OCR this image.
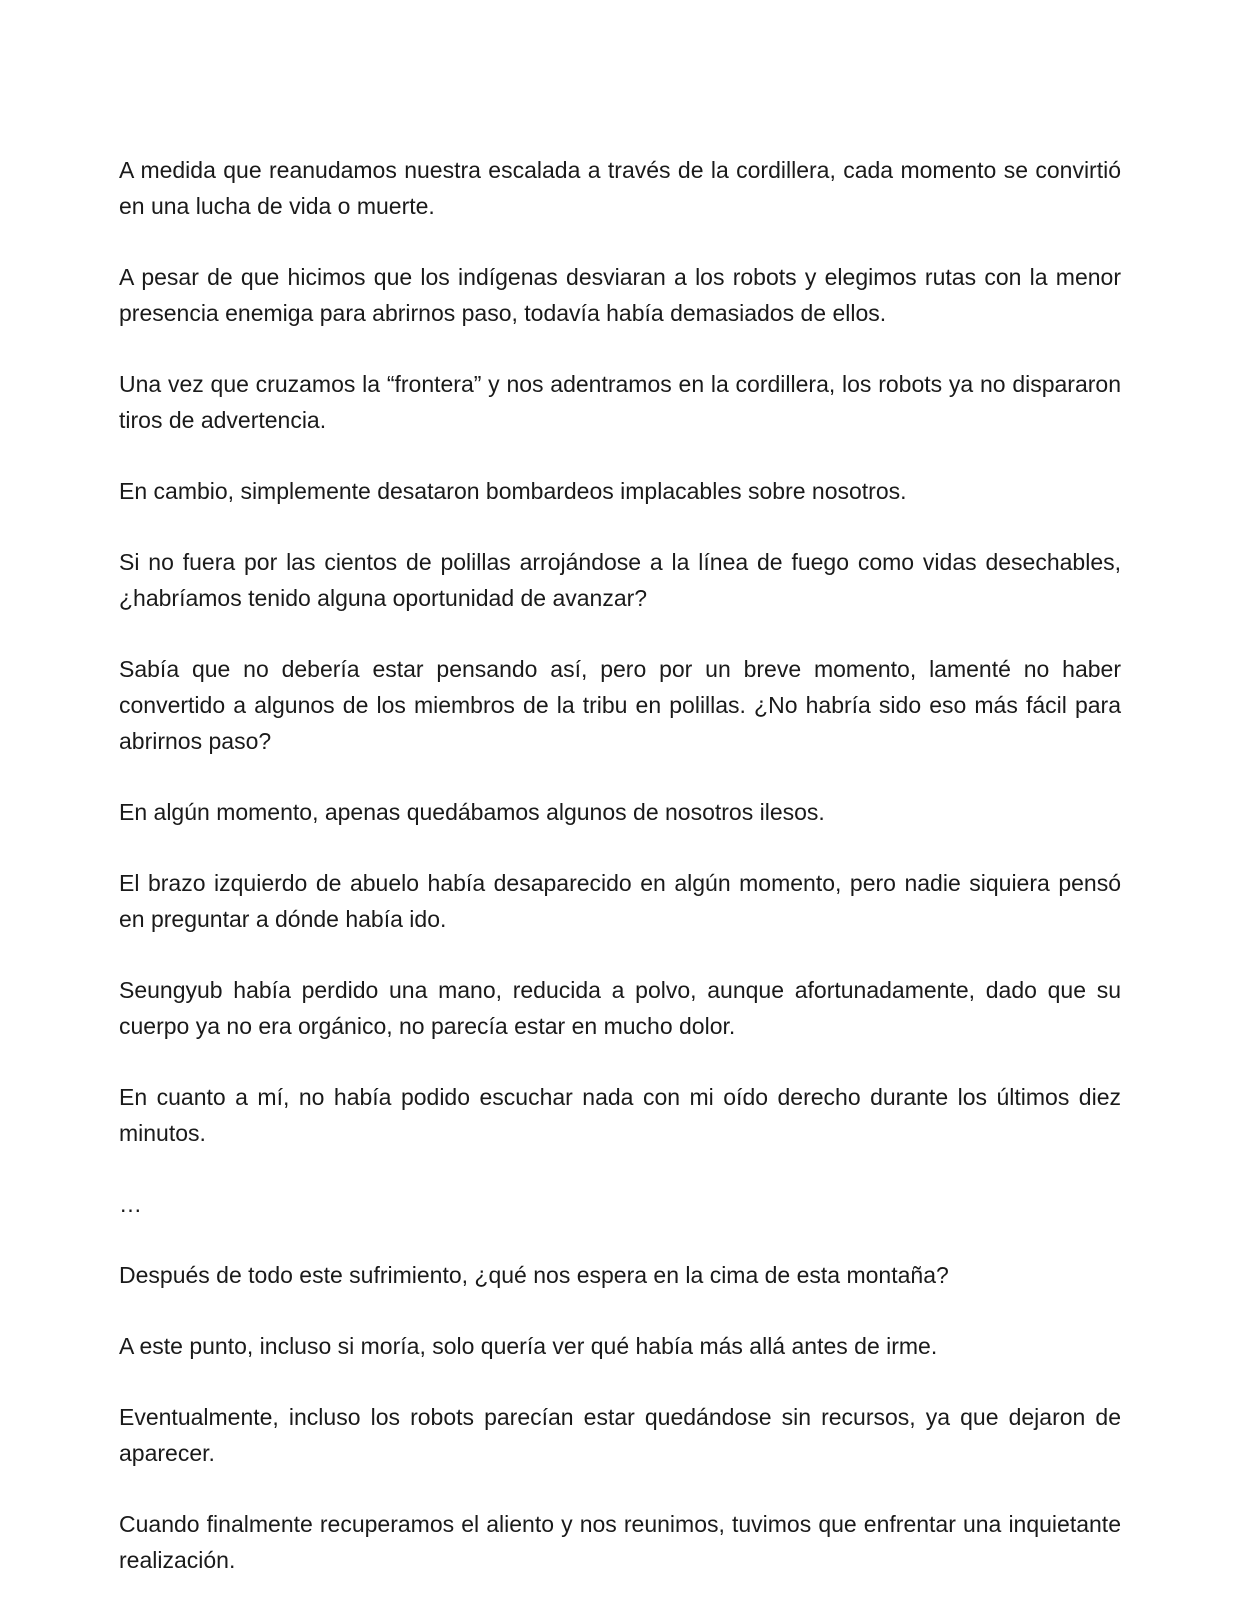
A medida que reanudamos nuestra escalada a través de la cordillera, cada momento se convirtió en una lucha de vida o muerte.

A pesar de que hicimos que los indígenas desviaran a los robots y elegimos rutas con la menor presencia enemiga para abrirnos paso, todavía había demasiados de ellos.

Una vez que cruzamos la “frontera” y nos adentramos en la cordillera, los robots ya no dispararon tiros de advertencia.

En cambio, simplemente desataron bombardeos implacables sobre nosotros.

Si no fuera por las cientos de polillas arrojándose a la línea de fuego como vidas desechables, ¿habríamos tenido alguna oportunidad de avanzar?

Sabía que no debería estar pensando así, pero por un breve momento, lamenté no haber convertido a algunos de los miembros de la tribu en polillas. ¿No habría sido eso más fácil para abrirnos paso?

En algún momento, apenas quedábamos algunos de nosotros ilesos.

El brazo izquierdo de abuelo había desaparecido en algún momento, pero nadie siquiera pensó en preguntar a dónde había ido.

Seungyub había perdido una mano, reducida a polvo, aunque afortunadamente, dado que su cuerpo ya no era orgánico, no parecía estar en mucho dolor.

En cuanto a mí, no había podido escuchar nada con mi oído derecho durante los últimos diez minutos.

…

Después de todo este sufrimiento, ¿qué nos espera en la cima de esta montaña?

A este punto, incluso si moría, solo quería ver qué había más allá antes de irme.

Eventualmente, incluso los robots parecían estar quedándose sin recursos, ya que dejaron de aparecer.

Cuando finalmente recuperamos el aliento y nos reunimos, tuvimos que enfrentar una inquietante realización.
